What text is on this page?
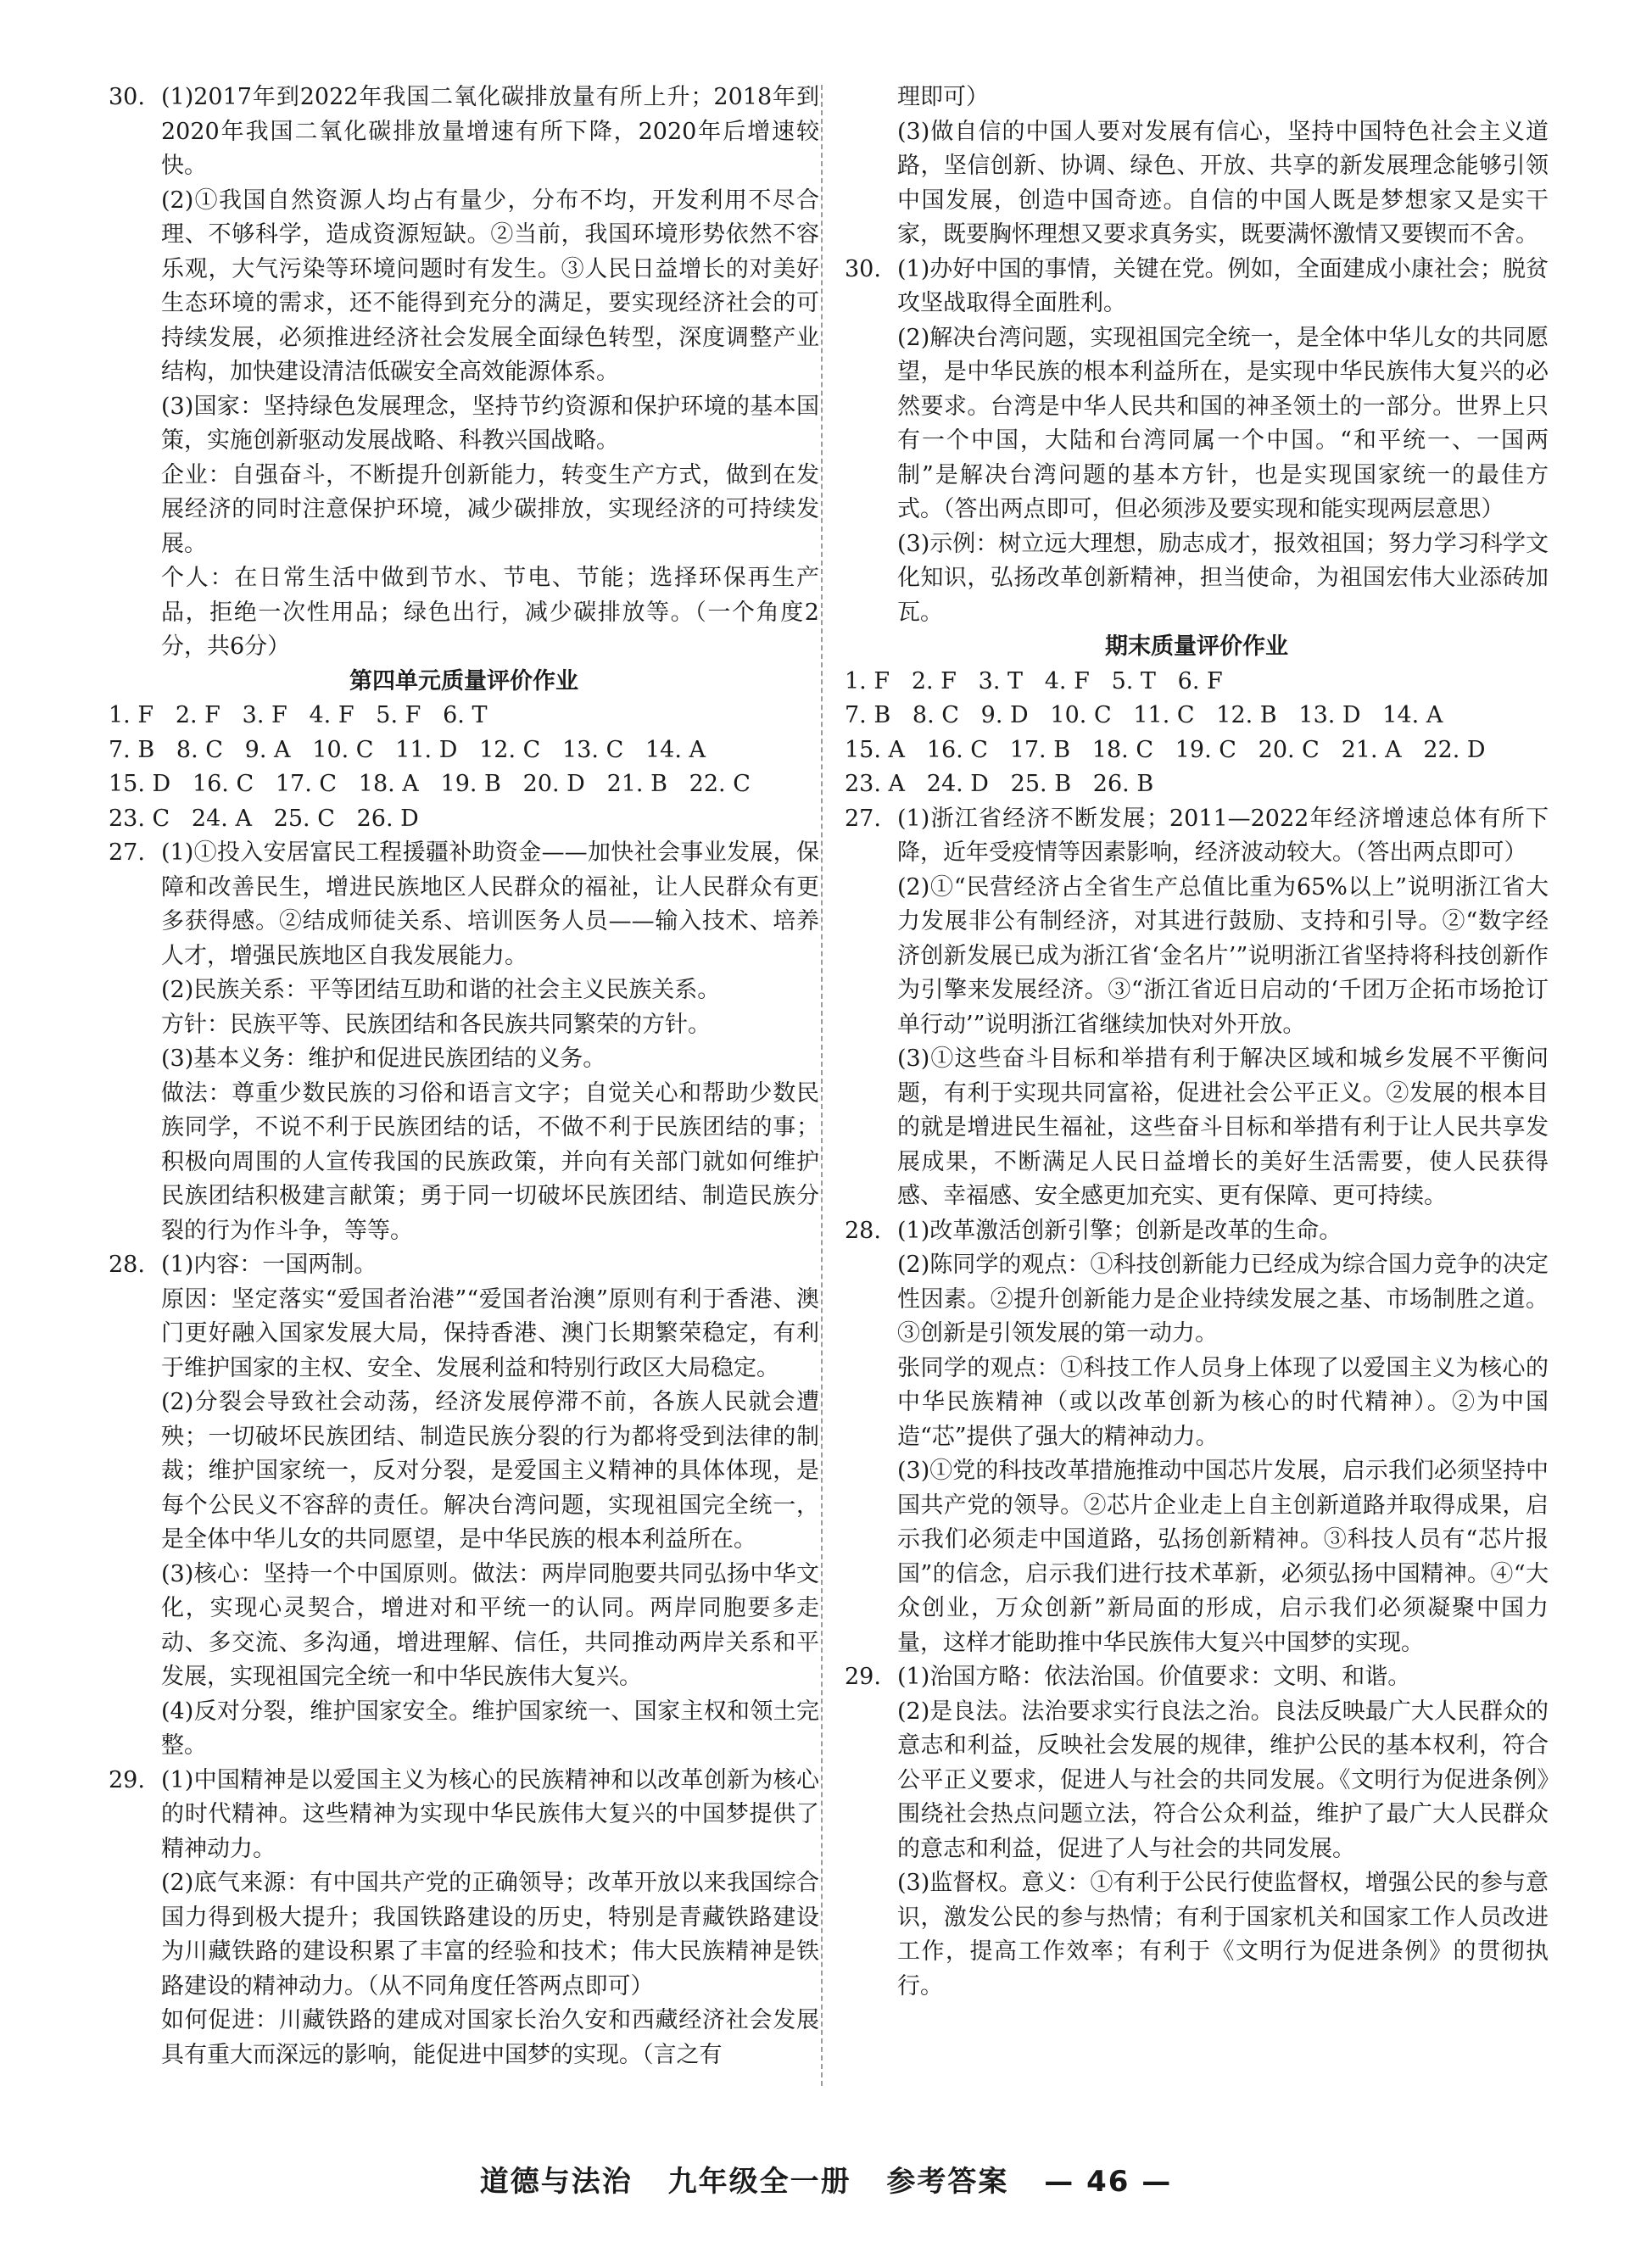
30. (1)2017年到2022年我国二氧化碳排放量有所上升；2018年到2020年我国二氧化碳排放量增速有所下降，2020年后增速较快。
(2)①我国自然资源人均占有量少，分布不均，开发利用不尽合理、不够科学，造成资源短缺。②当前，我国环境形势依然不容乐观，大气污染等环境问题时有发生。③人民日益增长的对美好生态环境的需求，还不能得到充分的满足，要实现经济社会的可持续发展，必须推进经济社会发展全面绿色转型，深度调整产业结构，加快建设清洁低碳安全高效能源体系。
(3)国家：坚持绿色发展理念，坚持节约资源和保护环境的基本国策，实施创新驱动发展战略、科教兴国战略。
企业：自强奋斗，不断提升创新能力，转变生产方式，做到在发展经济的同时注意保护环境，减少碳排放，实现经济的可持续发展。
个人：在日常生活中做到节水、节电、节能；选择环保再生产品，拒绝一次性用品；绿色出行，减少碳排放等。（一个角度2分，共6分）
第四单元质量评价作业
1. F   2. F   3. F   4. F   5. F   6. T
7. B   8. C   9. A   10. C   11. D   12. C   13. C   14. A
15. D   16. C   17. C   18. A   19. B   20. D   21. B   22. C
23. C   24. A   25. C   26. D
27. (1)①投入安居富民工程援疆补助资金——加快社会事业发展，保障和改善民生，增进民族地区人民群众的福祉，让人民群众有更多获得感。②结成师徒关系、培训医务人员——输入技术、培养人才，增强民族地区自我发展能力。
(2)民族关系：平等团结互助和谐的社会主义民族关系。
方针：民族平等、民族团结和各民族共同繁荣的方针。
(3)基本义务：维护和促进民族团结的义务。
做法：尊重少数民族的习俗和语言文字；自觉关心和帮助少数民族同学，不说不利于民族团结的话，不做不利于民族团结的事；积极向周围的人宣传我国的民族政策，并向有关部门就如何维护民族团结积极建言献策；勇于同一切破坏民族团结、制造民族分裂的行为作斗争，等等。
28. (1)内容：一国两制。
原因：坚定落实“爱国者治港”“爱国者治澳”原则有利于香港、澳门更好融入国家发展大局，保持香港、澳门长期繁荣稳定，有利于维护国家的主权、安全、发展利益和特别行政区大局稳定。
(2)分裂会导致社会动荡，经济发展停滞不前，各族人民就会遭殃；一切破坏民族团结、制造民族分裂的行为都将受到法律的制裁；维护国家统一，反对分裂，是爱国主义精神的具体体现，是每个公民义不容辞的责任。解决台湾问题，实现祖国完全统一，是全体中华儿女的共同愿望，是中华民族的根本利益所在。
(3)核心：坚持一个中国原则。做法：两岸同胞要共同弘扬中华文化，实现心灵契合，增进对和平统一的认同。两岸同胞要多走动、多交流、多沟通，增进理解、信任，共同推动两岸关系和平发展，实现祖国完全统一和中华民族伟大复兴。
(4)反对分裂，维护国家安全。维护国家统一、国家主权和领土完整。
29. (1)中国精神是以爱国主义为核心的民族精神和以改革创新为核心的时代精神。这些精神为实现中华民族伟大复兴的中国梦提供了精神动力。
(2)底气来源：有中国共产党的正确领导；改革开放以来我国综合国力得到极大提升；我国铁路建设的历史，特别是青藏铁路建设为川藏铁路的建设积累了丰富的经验和技术；伟大民族精神是铁路建设的精神动力。（从不同角度任答两点即可）
如何促进：川藏铁路的建成对国家长治久安和西藏经济社会发展具有重大而深远的影响，能促进中国梦的实现。（言之有
理即可）
(3)做自信的中国人要对发展有信心，坚持中国特色社会主义道路，坚信创新、协调、绿色、开放、共享的新发展理念能够引领中国发展，创造中国奇迹。自信的中国人既是梦想家又是实干家，既要胸怀理想又要求真务实，既要满怀激情又要锲而不舍。
30. (1)办好中国的事情，关键在党。例如，全面建成小康社会；脱贫攻坚战取得全面胜利。
(2)解决台湾问题，实现祖国完全统一，是全体中华儿女的共同愿望，是中华民族的根本利益所在，是实现中华民族伟大复兴的必然要求。台湾是中华人民共和国的神圣领土的一部分。世界上只有一个中国，大陆和台湾同属一个中国。“和平统一、一国两制”是解决台湾问题的基本方针，也是实现国家统一的最佳方式。（答出两点即可，但必须涉及要实现和能实现两层意思）
(3)示例：树立远大理想，励志成才，报效祖国；努力学习科学文化知识，弘扬改革创新精神，担当使命，为祖国宏伟大业添砖加瓦。
期末质量评价作业
1. F   2. F   3. T   4. F   5. T   6. F
7. B   8. C   9. D   10. C   11. C   12. B   13. D   14. A
15. A   16. C   17. B   18. C   19. C   20. C   21. A   22. D
23. A   24. D   25. B   26. B
27. (1)浙江省经济不断发展；2011—2022年经济增速总体有所下降，近年受疫情等因素影响，经济波动较大。（答出两点即可）
(2)①“民营经济占全省生产总值比重为65%以上”说明浙江省大力发展非公有制经济，对其进行鼓励、支持和引导。②“数字经济创新发展已成为浙江省‘金名片’”说明浙江省坚持将科技创新作为引擎来发展经济。③“浙江省近日启动的‘千团万企拓市场抢订单行动’”说明浙江省继续加快对外开放。
(3)①这些奋斗目标和举措有利于解决区域和城乡发展不平衡问题，有利于实现共同富裕，促进社会公平正义。②发展的根本目的就是增进民生福祉，这些奋斗目标和举措有利于让人民共享发展成果，不断满足人民日益增长的美好生活需要，使人民获得感、幸福感、安全感更加充实、更有保障、更可持续。
28. (1)改革激活创新引擎；创新是改革的生命。
(2)陈同学的观点：①科技创新能力已经成为综合国力竞争的决定性因素。②提升创新能力是企业持续发展之基、市场制胜之道。③创新是引领发展的第一动力。
张同学的观点：①科技工作人员身上体现了以爱国主义为核心的中华民族精神（或以改革创新为核心的时代精神）。②为中国造“芯”提供了强大的精神动力。
(3)①党的科技改革措施推动中国芯片发展，启示我们必须坚持中国共产党的领导。②芯片企业走上自主创新道路并取得成果，启示我们必须走中国道路，弘扬创新精神。③科技人员有“芯片报国”的信念，启示我们进行技术革新，必须弘扬中国精神。④“大众创业，万众创新”新局面的形成，启示我们必须凝聚中国力量，这样才能助推中华民族伟大复兴中国梦的实现。
29. (1)治国方略：依法治国。价值要求：文明、和谐。
(2)是良法。法治要求实行良法之治。良法反映最广大人民群众的意志和利益，反映社会发展的规律，维护公民的基本权利，符合公平正义要求，促进人与社会的共同发展。《文明行为促进条例》围绕社会热点问题立法，符合公众利益，维护了最广大人民群众的意志和利益，促进了人与社会的共同发展。
(3)监督权。意义：①有利于公民行使监督权，增强公民的参与意识，激发公民的参与热情；有利于国家机关和国家工作人员改进工作，提高工作效率；有利于《文明行为促进条例》的贯彻执行。
道德与法治 九年级全一册 参考答案 — 46 —
